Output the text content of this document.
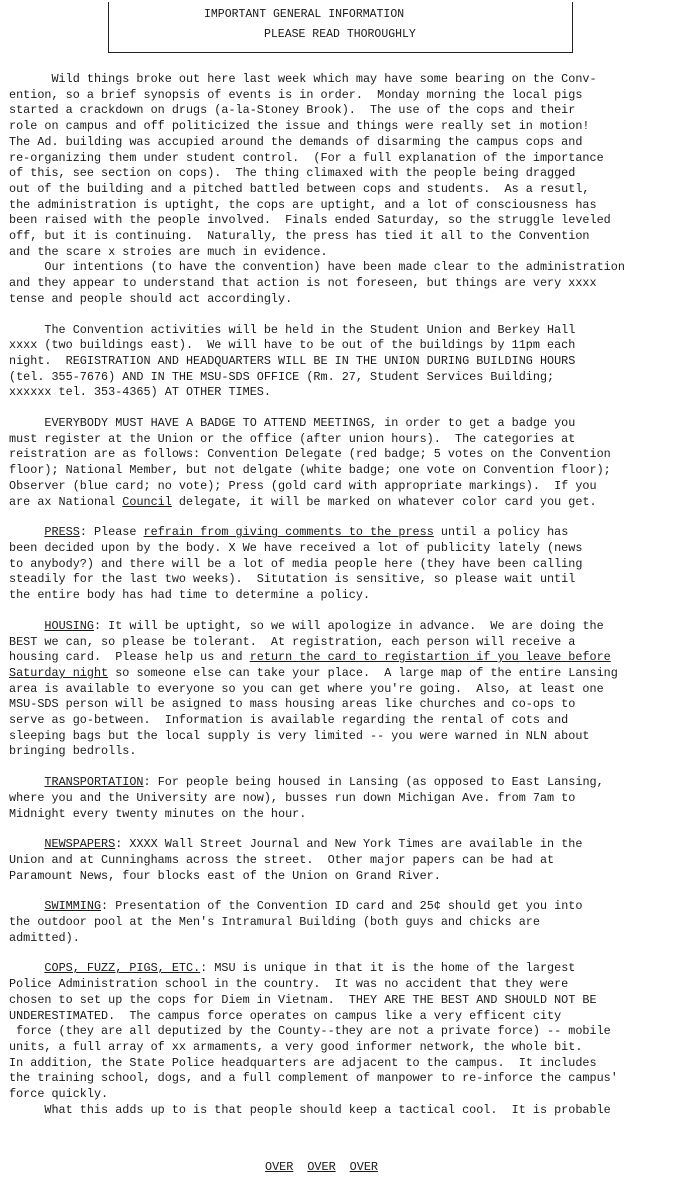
IMPORTANT GENERAL INFORMATION
PLEASE READ THOROUGHLY

Wild things broke out here last week which may have some bearing on the Conv-

ention, so a brief synopsis of events is in order.  Monday morning the local pigs

started a crackdown on drugs (a-la-Stoney Brook).  The use of the cops and their

role on campus and off politicized the issue and things were really set in motion!

The Ad. building was accupied around the demands of disarming the campus cops and

re-organizing them under student control.  (For a full explanation of the importance

of this, see section on cops).  The thing climaxed with the people being dragged

out of the building and a pitched battled between cops and students.  As a resutl,

the administration is uptight, the cops are uptight, and a lot of consciousness has

been raised with the people involved.  Finals ended Saturday, so the struggle leveled

off, but it is continuing.  Naturally, the press has tied it all to the Convention

and the scare x stroies are much in evidence.

Our intentions (to have the convention) have been made clear to the administration

and they appear to understand that action is not foreseen, but things are very xxxx

tense and people should act accordingly.

The Convention activities will be held in the Student Union and Berkey Hall

xxxx (two buildings east).  We will have to be out of the buildings by 11pm each

night.  REGISTRATION AND HEADQUARTERS WILL BE IN THE UNION DURING BUILDING HOURS

(tel. 355-7676) AND IN THE MSU-SDS OFFICE (Rm. 27, Student Services Building;

xxxxxx tel. 353-4365) AT OTHER TIMES.

EVERYBODY MUST HAVE A BADGE TO ATTEND MEETINGS, in order to get a badge you

must register at the Union or the office (after union hours).  The categories at

reistration are as follows: Convention Delegate (red badge; 5 votes on the Convention

floor); National Member, but not delgate (white badge; one vote on Convention floor);

Observer (blue card; no vote); Press (gold card with appropriate markings).  If you

are ax National Council delegate, it will be marked on whatever color card you get.

PRESS: Please refrain from giving comments to the press until a policy has

been decided upon by the body. X We have received a lot of publicity lately (news

to anybody?) and there will be a lot of media people here (they have been calling

steadily for the last two weeks).  Situtation is sensitive, so please wait until

the entire body has had time to determine a policy.

HOUSING: It will be uptight, so we will apologize in advance.  We are doing the

BEST we can, so please be tolerant.  At registration, each person will receive a

housing card.  Please help us and return the card to registartion if you leave before

Saturday night so someone else can take your place.  A large map of the entire Lansing

area is available to everyone so you can get where you're going.  Also, at least one

MSU-SDS person will be asigned to mass housing areas like churches and co-ops to

serve as go-between.  Information is available regarding the rental of cots and

sleeping bags but the local supply is very limited -- you were warned in NLN about

bringing bedrolls.

TRANSPORTATION: For people being housed in Lansing (as opposed to East Lansing,

where you and the University are now), busses run down Michigan Ave. from 7am to

Midnight every twenty minutes on the hour.

NEWSPAPERS: XXXX Wall Street Journal and New York Times are available in the

Union and at Cunninghams across the street.  Other major papers can be had at

Paramount News, four blocks east of the Union on Grand River.

SWIMMING: Presentation of the Convention ID card and 25¢ should get you into

the outdoor pool at the Men's Intramural Building (both guys and chicks are

admitted).

COPS, FUZZ, PIGS, ETC.: MSU is unique in that it is the home of the largest

Police Administration school in the country.  It was no accident that they were

chosen to set up the cops for Diem in Vietnam.  THEY ARE THE BEST AND SHOULD NOT BE

UNDERESTIMATED.  The campus force operates on campus like a very efficent city

force (they are all deputized by the County--they are not a private force) -- mobile

units, a full array of xx armaments, a very good informer network, the whole bit.

In addition, the State Police headquarters are adjacent to the campus.  It includes

the training school, dogs, and a full complement of manpower to re-inforce the campus'

force quickly.

What this adds up to is that people should keep a tactical cool.  It is probable

OVER OVER OVER
